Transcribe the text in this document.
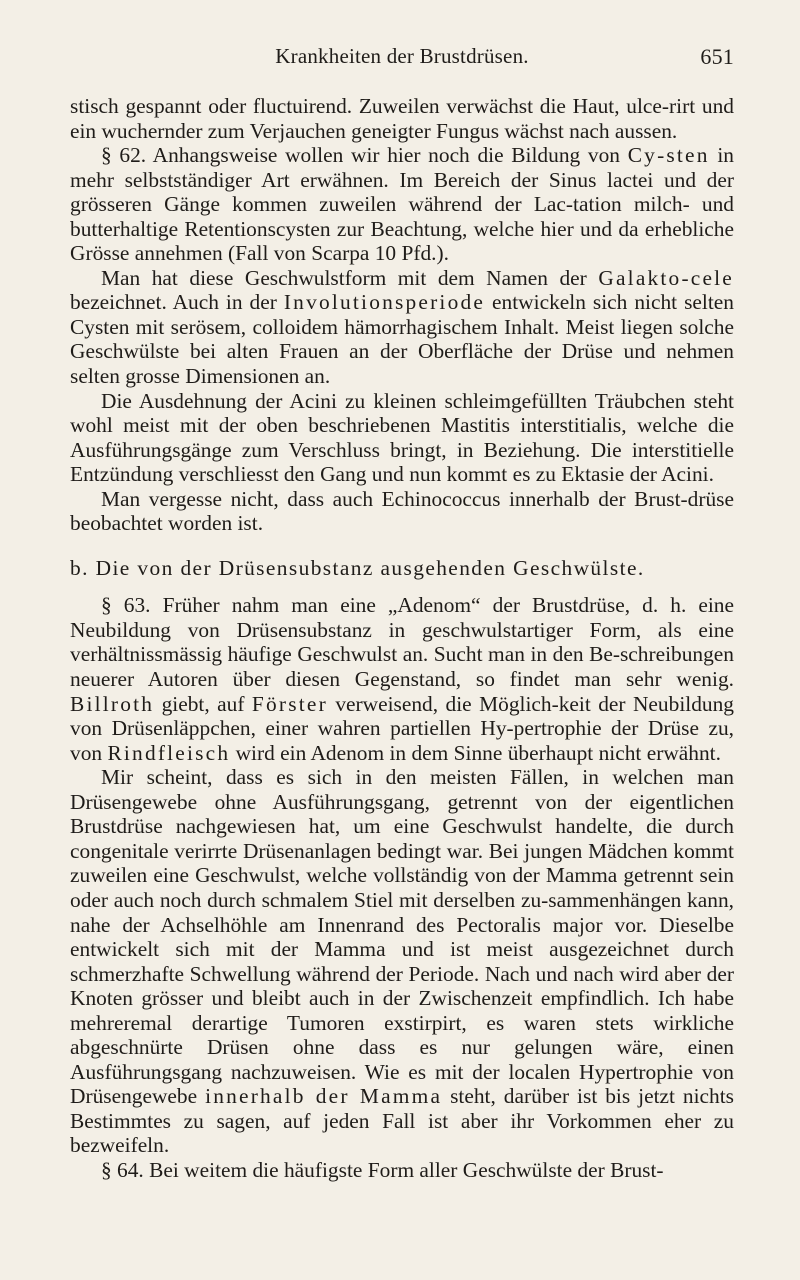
Krankheiten der Brustdrüsen.	651

stisch gespannt oder fluctuirend. Zuweilen verwächst die Haut, ulce-rirt und ein wuchernder zum Verjauchen geneigter Fungus wächst nach aussen.

§ 62. Anhangsweise wollen wir hier noch die Bildung von Cy-sten in mehr selbstständiger Art erwähnen. Im Bereich der Sinus lactei und der grösseren Gänge kommen zuweilen während der Lac-tation milch- und butterhaltige Retentionscysten zur Beachtung, welche hier und da erhebliche Grösse annehmen (Fall von Scarpa 10 Pfd.).

Man hat diese Geschwulstform mit dem Namen der Galakto-cele bezeichnet. Auch in der Involutionsperiode entwickeln sich nicht selten Cysten mit serösem, colloidem hämorrhagischem Inhalt. Meist liegen solche Geschwülste bei alten Frauen an der Oberfläche der Drüse und nehmen selten grosse Dimensionen an.

Die Ausdehnung der Acini zu kleinen schleimgefüllten Träubchen steht wohl meist mit der oben beschriebenen Mastitis interstitialis, welche die Ausführungsgänge zum Verschluss bringt, in Beziehung. Die interstitielle Entzündung verschliesst den Gang und nun kommt es zu Ektasie der Acini.

Man vergesse nicht, dass auch Echinococcus innerhalb der Brust-drüse beobachtet worden ist.

b. Die von der Drüsensubstanz ausgehenden Geschwülste.

§ 63. Früher nahm man eine „Adenom“ der Brustdrüse, d. h. eine Neubildung von Drüsensubstanz in geschwulstartiger Form, als eine verhältnissmässig häufige Geschwulst an. Sucht man in den Be-schreibungen neuerer Autoren über diesen Gegenstand, so findet man sehr wenig. Billroth giebt, auf Förster verweisend, die Möglich-keit der Neubildung von Drüsenläppchen, einer wahren partiellen Hy-pertrophie der Drüse zu, von Rindfleisch wird ein Adenom in dem Sinne überhaupt nicht erwähnt.

Mir scheint, dass es sich in den meisten Fällen, in welchen man Drüsengewebe ohne Ausführungsgang, getrennt von der eigentlichen Brustdrüse nachgewiesen hat, um eine Geschwulst handelte, die durch congenitale verirrte Drüsenanlagen bedingt war. Bei jungen Mädchen kommt zuweilen eine Geschwulst, welche vollständig von der Mamma getrennt sein oder auch noch durch schmalem Stiel mit derselben zu-sammenhängen kann, nahe der Achselhöhle am Innenrand des Pectoralis major vor. Dieselbe entwickelt sich mit der Mamma und ist meist ausgezeichnet durch schmerzhafte Schwellung während der Periode. Nach und nach wird aber der Knoten grösser und bleibt auch in der Zwischenzeit empfindlich. Ich habe mehreremal derartige Tumoren exstirpirt, es waren stets wirkliche abgeschnürte Drüsen ohne dass es nur gelungen wäre, einen Ausführungsgang nachzuweisen. Wie es mit der localen Hypertrophie von Drüsengewebe innerhalb der Mamma steht, darüber ist bis jetzt nichts Bestimmtes zu sagen, auf jeden Fall ist aber ihr Vorkommen eher zu bezweifeln.

§ 64. Bei weitem die häufigste Form aller Geschwülste der Brust-
